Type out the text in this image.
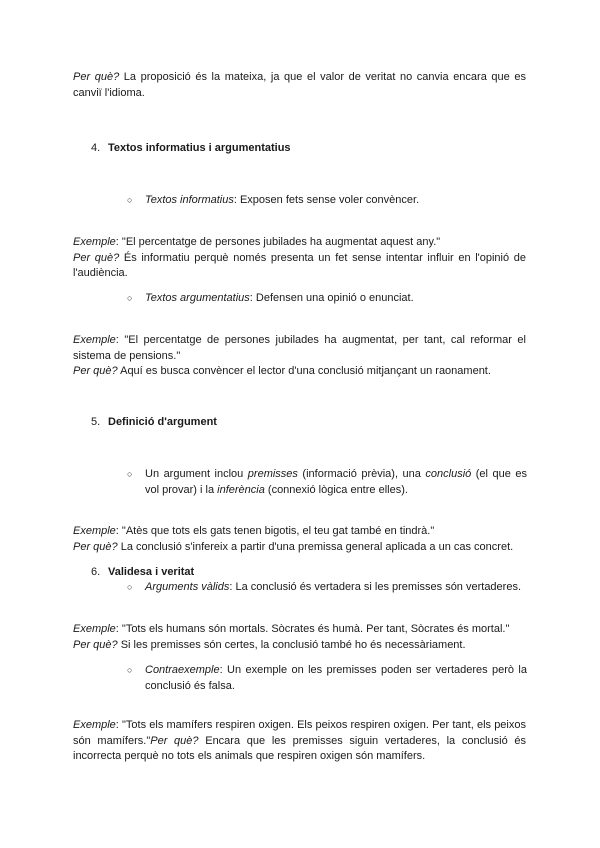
Per què? La proposició és la mateixa, ja que el valor de veritat no canvia encara que es canviï l'idioma.

4. Textos informatius i argumentatius
○ Textos informatius: Exposen fets sense voler convèncer.

Exemple: "El percentatge de persones jubilades ha augmentat aquest any."

Per què? És informatiu perquè només presenta un fet sense intentar influir en l'opinió de l'audiència.

○ Textos argumentatius: Defensen una opinió o enunciat.

Exemple: "El percentatge de persones jubilades ha augmentat, per tant, cal reformar el sistema de pensions."

Per què? Aquí es busca convèncer el lector d'una conclusió mitjançant un raonament.

5. Definició d'argument
○ Un argument inclou premisses (informació prèvia), una conclusió (el que es vol provar) i la inferència (connexió lògica entre elles).

Exemple: "Atès que tots els gats tenen bigotis, el teu gat també en tindrà."

Per què? La conclusió s'infereix a partir d'una premissa general aplicada a un cas concret.

6. Validesa i veritat
○ Arguments vàlids: La conclusió és vertadera si les premisses són vertaderes.

Exemple: "Tots els humans són mortals. Sòcrates és humà. Per tant, Sòcrates és mortal."

Per què? Si les premisses són certes, la conclusió també ho és necessàriament.

○ Contraexemple: Un exemple on les premisses poden ser vertaderes però la conclusió és falsa.

Exemple: "Tots els mamífers respiren oxigen. Els peixos respiren oxigen. Per tant, els peixos són mamífers."Per què? Encara que les premisses siguin vertaderes, la conclusió és incorrecta perquè no tots els animals que respiren oxigen són mamífers.
